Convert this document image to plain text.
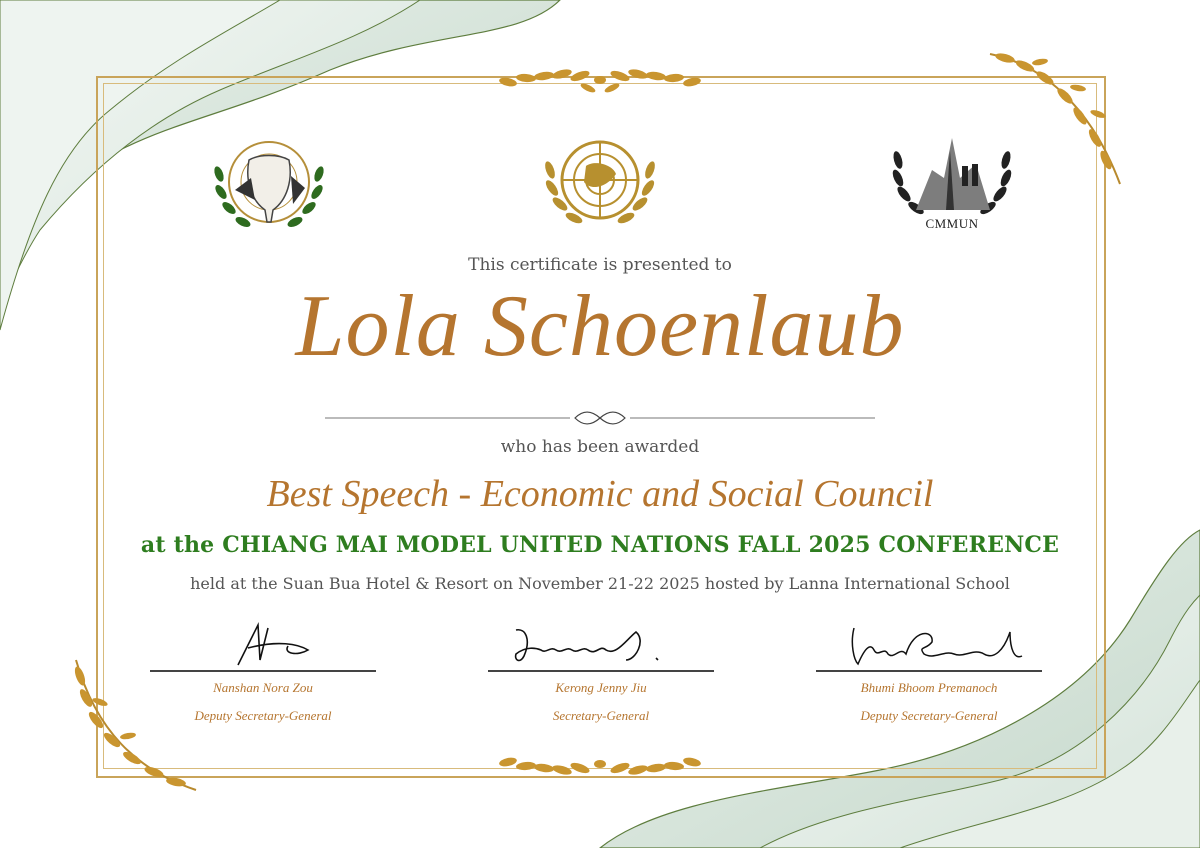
CMMUN
This certificate is presented to
Lola Schoenlaub
who has been awarded
Best Speech - Economic and Social Council
at the CHIANG MAI MODEL UNITED NATIONS FALL 2025 CONFERENCE
held at the Suan Bua Hotel & Resort on November 21-22 2025 hosted by Lanna International School
Nanshan Nora Zou
Deputy Secretary-General
Kerong Jenny Jiu
Secretary-General
Bhumi Bhoom Premanoch
Deputy Secretary-General
